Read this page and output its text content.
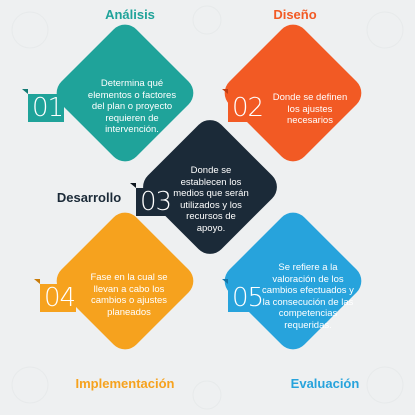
Análisis	Diseño
Desarrollo
Implementación	Evaluación
01	02
03
04	05
Determina qué elementos o factores del plan o proyecto requieren de intervención.
Donde se definen los ajustes necesarios
Donde se establecen los medios que serán utilizados y los recursos de apoyo.
Fase en la cual se llevan a cabo los cambios o ajustes planeados
Se refiere a la valoración de los cambios efectuados y la consecución de las competencias requeridas.
